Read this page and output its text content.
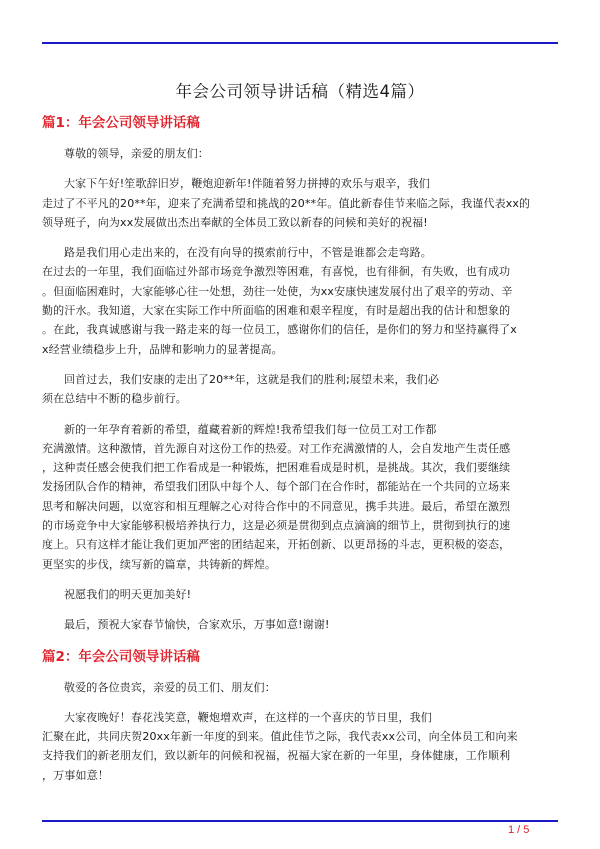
年会公司领导讲话稿（精选4篇）
篇1：年会公司领导讲话稿
尊敬的领导，亲爱的朋友们：
大家下午好!笙歌辞旧岁，鞭炮迎新年!伴随着努力拼搏的欢乐与艰辛，我们
走过了不平凡的20**年，迎来了充满希望和挑战的20**年。值此新春佳节来临之际，我谨代表xx的
领导班子，向为xx发展做出杰出奉献的全体员工致以新春的问候和美好的祝福!
路是我们用心走出来的，在没有向导的摸索前行中，不管是谁都会走弯路。
在过去的一年里，我们面临过外部市场竞争激烈等困难，有喜悦，也有徘徊，有失败，也有成功
。但面临困难时，大家能够心往一处想，劲往一处使，为xx安康快速发展付出了艰辛的劳动、辛
勤的汗水。我知道，大家在实际工作中所面临的困难和艰辛程度，有时是超出我的估计和想象的
。在此，我真诚感谢与我一路走来的每一位员工，感谢你们的信任，是你们的努力和坚持赢得了x
x经营业绩稳步上升，品牌和影响力的显著提高。
回首过去，我们安康的走出了20**年，这就是我们的胜利;展望未来，我们必
须在总结中不断的稳步前行。
新的一年孕育着新的希望，蕴藏着新的辉煌!我希望我们每一位员工对工作都
充满激情。这种激情，首先源自对这份工作的热爱。对工作充满激情的人，会自发地产生责任感
，这种责任感会使我们把工作看成是一种锻炼，把困难看成是时机，是挑战。其次，我们要继续
发扬团队合作的精神，希望我们团队中每个人、每个部门在合作时，都能站在一个共同的立场来
思考和解决问题，以宽容和相互理解之心对待合作中的不同意见，携手共进。最后，希望在激烈
的市场竞争中大家能够积极培养执行力，这是必须是贯彻到点点滴滴的细节上，贯彻到执行的速
度上。只有这样才能让我们更加严密的团结起来，开拓创新、以更昂扬的斗志，更积极的姿态，
更坚实的步伐，续写新的篇章，共铸新的辉煌。
祝愿我们的明天更加美好!
最后，预祝大家春节愉快，合家欢乐，万事如意!谢谢!
篇2：年会公司领导讲话稿
敬爱的各位贵宾，亲爱的员工们、朋友们：
大家夜晚好！春花浅笑意，鞭炮增欢声，在这样的一个喜庆的节日里，我们
汇聚在此，共同庆贺20xx年新一年度的到来。值此佳节之际，我代表xx公司，向全体员工和向来
支持我们的新老朋友们，致以新年的问候和祝福，祝福大家在新的一年里，身体健康，工作顺利
，万事如意！
1 / 5
